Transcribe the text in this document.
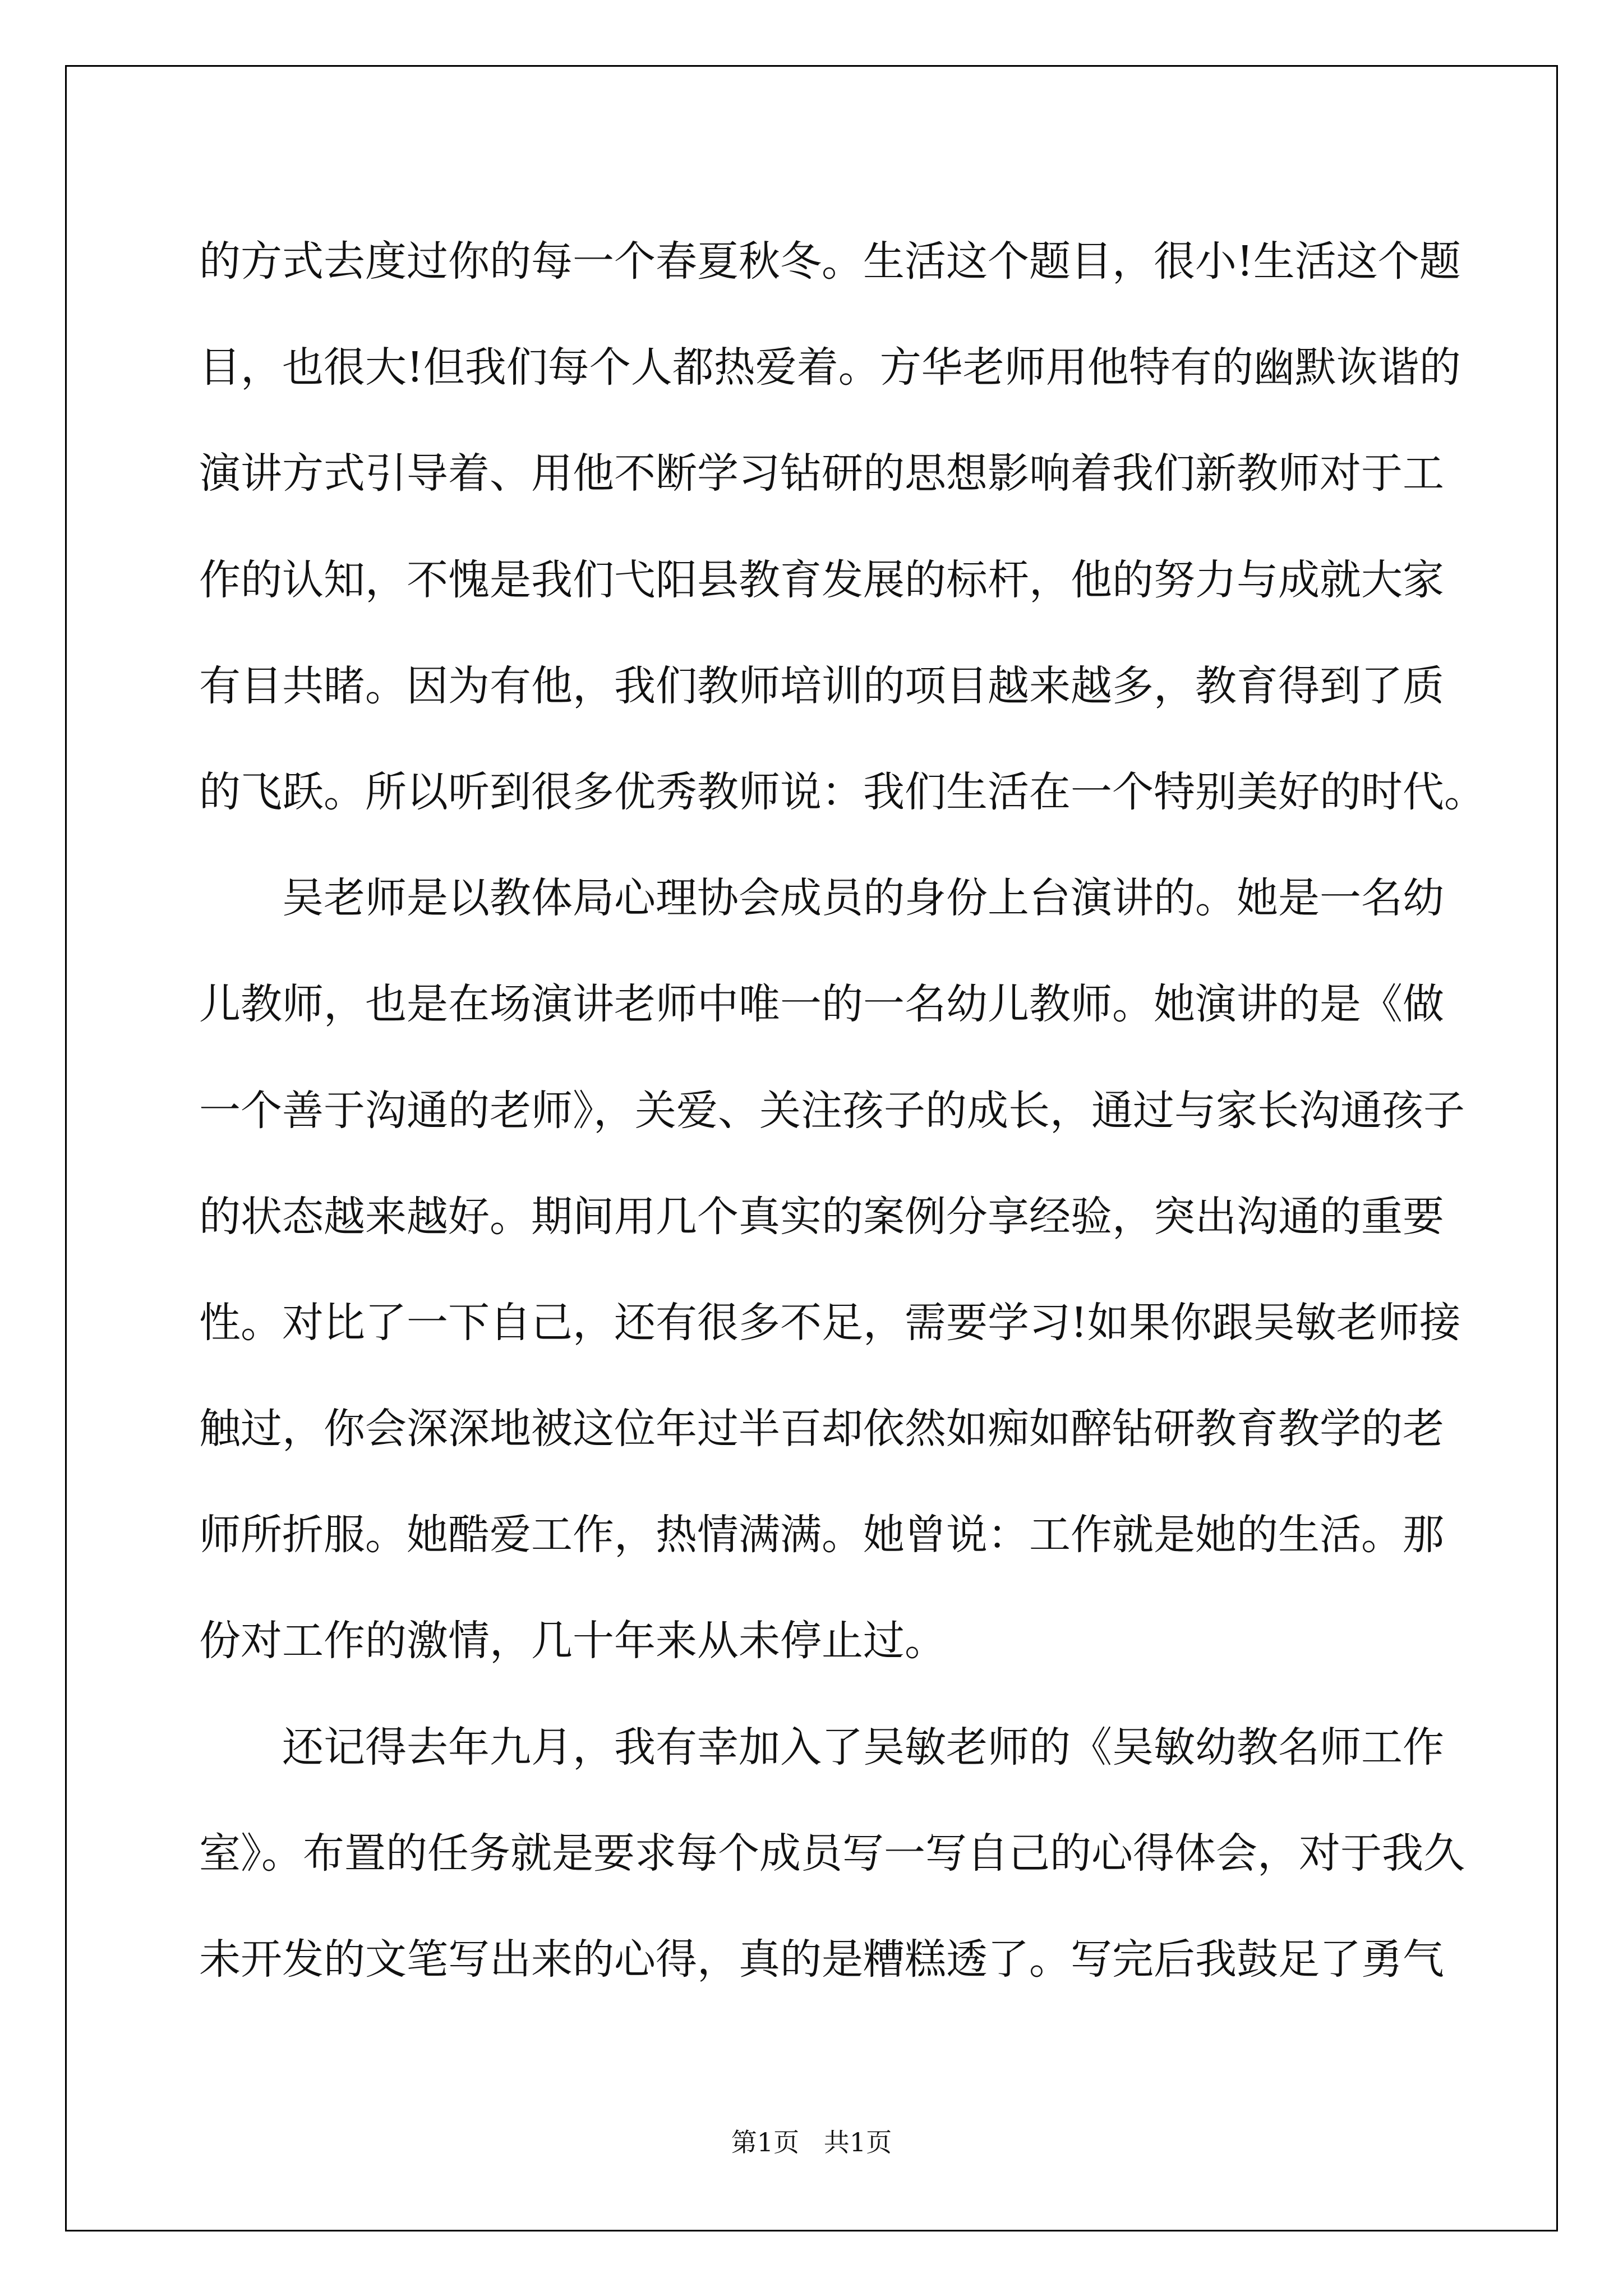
的方式去度过你的每一个春夏秋冬。生活这个题目，很小!生活这个题
目，也很大!但我们每个人都热爱着。方华老师用他特有的幽默诙谐的
演讲方式引导着、用他不断学习钻研的思想影响着我们新教师对于工
作的认知，不愧是我们弋阳县教育发展的标杆，他的努力与成就大家
有目共睹。因为有他，我们教师培训的项目越来越多，教育得到了质
的飞跃。所以听到很多优秀教师说：我们生活在一个特别美好的时代。
吴老师是以教体局心理协会成员的身份上台演讲的。她是一名幼
儿教师，也是在场演讲老师中唯一的一名幼儿教师。她演讲的是《做
一个善于沟通的老师》，关爱、关注孩子的成长，通过与家长沟通孩子
的状态越来越好。期间用几个真实的案例分享经验，突出沟通的重要
性。对比了一下自己，还有很多不足，需要学习!如果你跟吴敏老师接
触过，你会深深地被这位年过半百却依然如痴如醉钻研教育教学的老
师所折服。她酷爱工作，热情满满。她曾说：工作就是她的生活。那
份对工作的激情，几十年来从未停止过。
还记得去年九月，我有幸加入了吴敏老师的《吴敏幼教名师工作
室》。布置的任务就是要求每个成员写一写自己的心得体会，对于我久
未开发的文笔写出来的心得，真的是糟糕透了。写完后我鼓足了勇气
第1页   共1页
